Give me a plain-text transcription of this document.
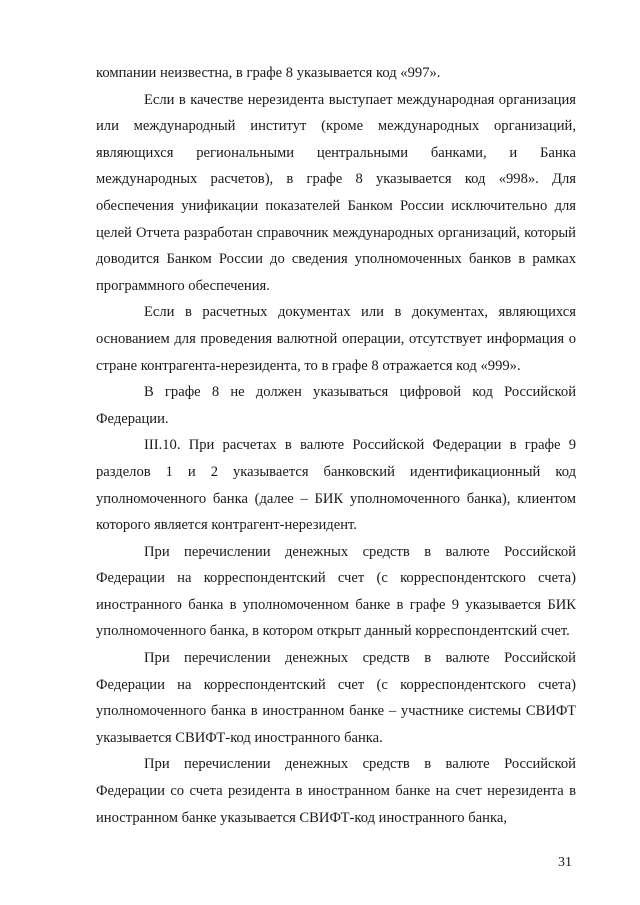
компании неизвестна, в графе 8 указывается код «997».

Если в качестве нерезидента выступает международная организация или международный институт (кроме международных организаций, являющихся региональными центральными банками, и Банка международных расчетов), в графе 8 указывается код «998». Для обеспечения унификации показателей Банком России исключительно для целей Отчета разработан справочник международных организаций, который доводится Банком России до сведения уполномоченных банков в рамках программного обеспечения.

Если в расчетных документах или в документах, являющихся основанием для проведения валютной операции, отсутствует информация о стране контрагента-нерезидента, то в графе 8 отражается код «999».

В графе 8 не должен указываться цифровой код Российской Федерации.

III.10. При расчетах в валюте Российской Федерации в графе 9 разделов 1 и 2 указывается банковский идентификационный код уполномоченного банка (далее – БИК уполномоченного банка), клиентом которого является контрагент-нерезидент.

При перечислении денежных средств в валюте Российской Федерации на корреспондентский счет (с корреспондентского счета) иностранного банка в уполномоченном банке в графе 9 указывается БИК уполномоченного банка, в котором открыт данный корреспондентский счет.

При перечислении денежных средств в валюте Российской Федерации на корреспондентский счет (с корреспондентского счета) уполномоченного банка в иностранном банке – участнике системы СВИФТ указывается СВИФТ-код иностранного банка.

При перечислении денежных средств в валюте Российской Федерации со счета резидента в иностранном банке на счет нерезидента в иностранном банке указывается СВИФТ-код иностранного банка,

31
